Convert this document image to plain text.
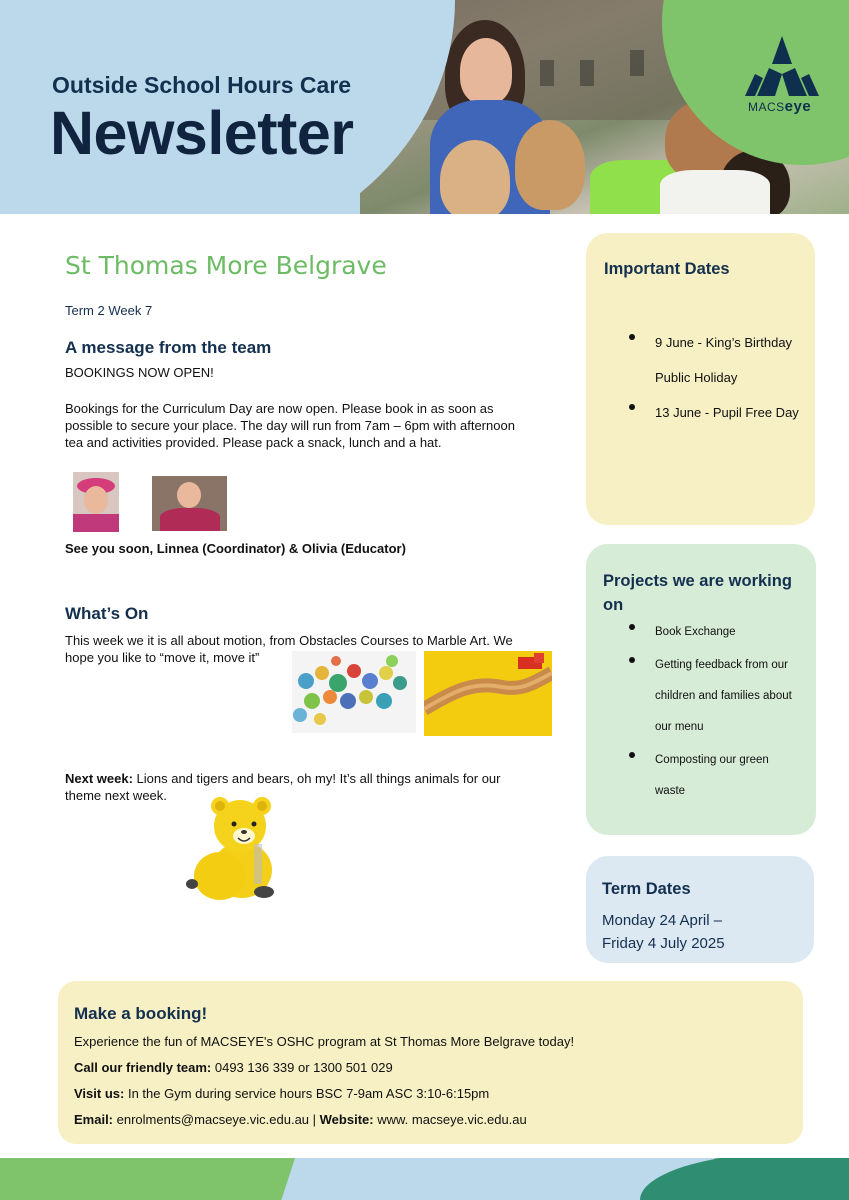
MACSeye
Outside School Hours Care
Newsletter
St Thomas More Belgrave
Term 2 Week 7
A message from the team
BOOKINGS NOW OPEN!
Bookings for the Curriculum Day are now open. Please book in as soon as
possible to secure your place. The day will run from 7am – 6pm with afternoon
tea and activities provided. Please pack a snack, lunch and a hat.
See you soon, Linnea (Coordinator) & Olivia (Educator)
What’s On
This week we it is all about motion, from Obstacles Courses to Marble Art. We
hope you like to “move it, move it”
Next week: Lions and tigers and bears, oh my! It’s all things animals for our
theme next week.
Important Dates
9 June - King’s Birthday
Public Holiday
13 June - Pupil Free Day
Projects we are working
on
Book Exchange
Getting feedback from our
children and families about
our menu
Composting our green
waste
Term Dates
Monday 24 April –
Friday 4 July 2025
Make a booking!
Experience the fun of MACSEYE's OSHC program at St Thomas More Belgrave today!
Call our friendly team: 0493 136 339 or 1300 501 029
Visit us: In the Gym during service hours BSC 7-9am ASC 3:10-6:15pm
Email: enrolments@macseye.vic.edu.au | Website: www. macseye.vic.edu.au
